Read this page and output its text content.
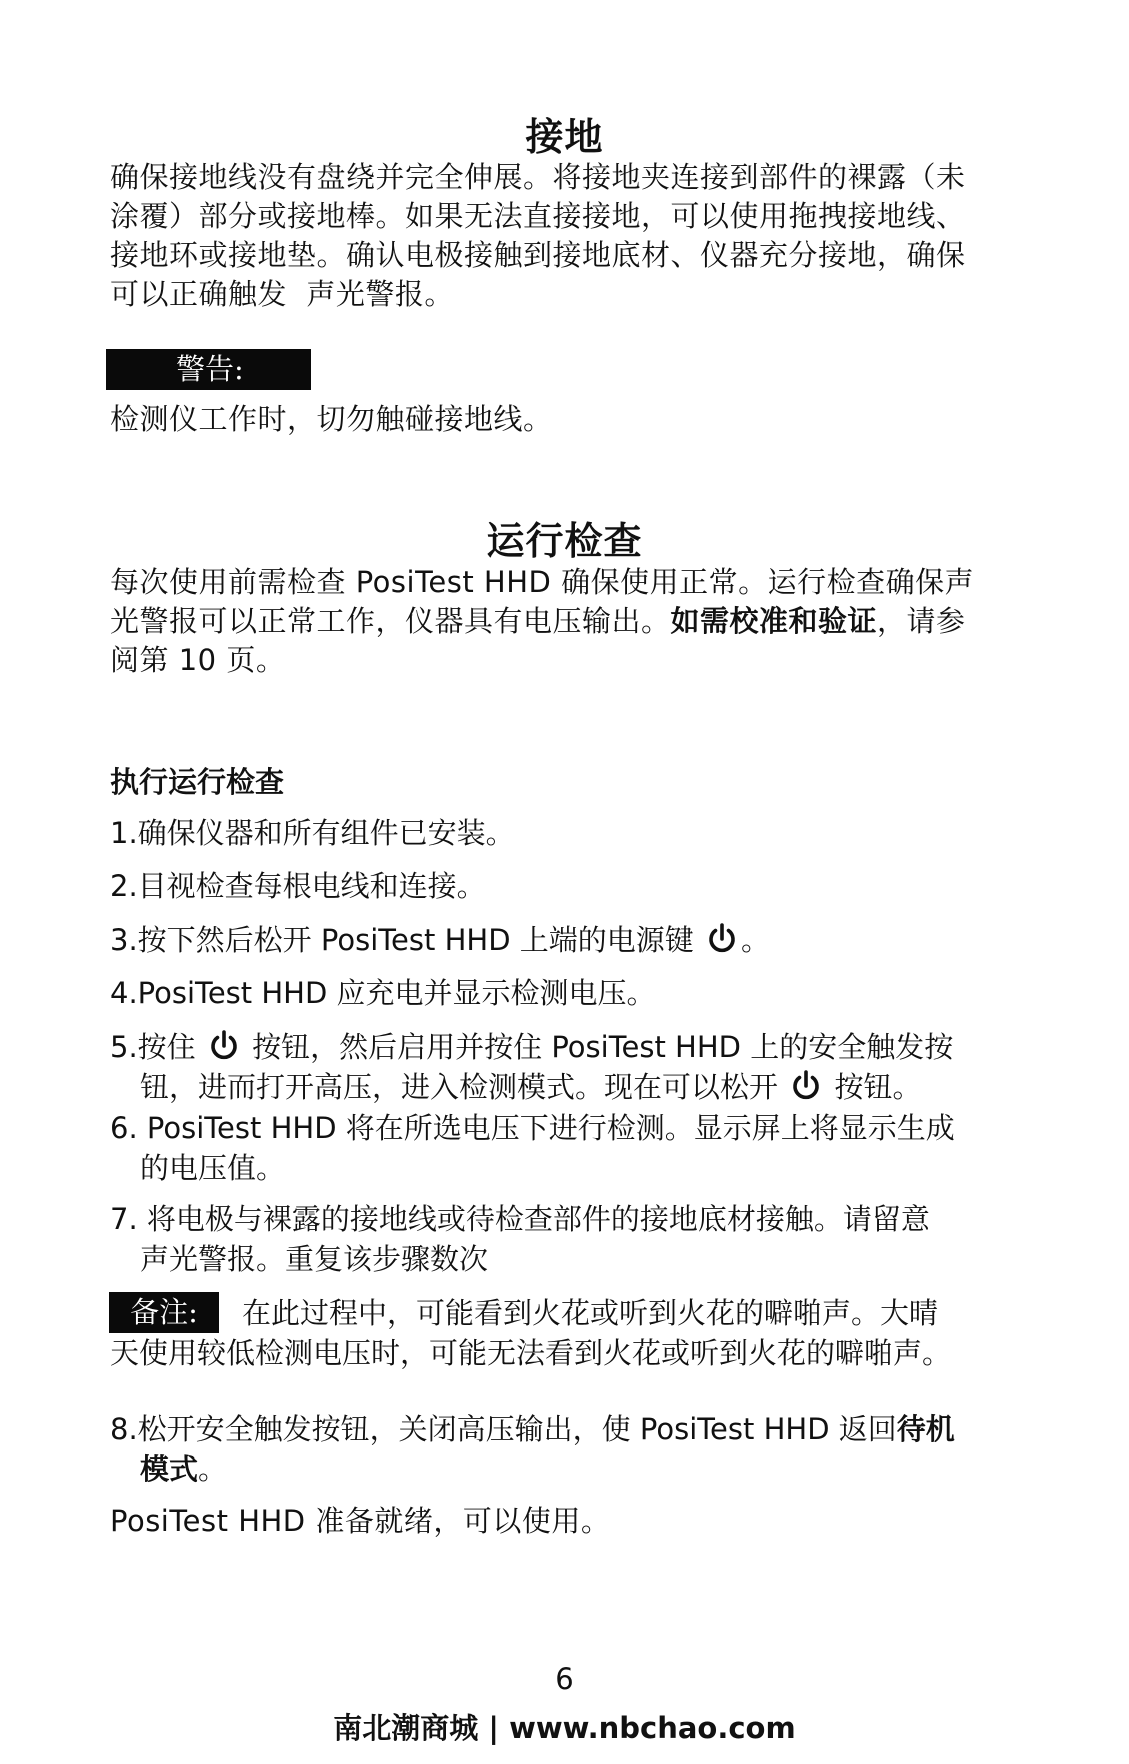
接地
确保接地线没有盘绕并完全伸展。将接地夹连接到部件的裸露（未
涂覆）部分或接地棒。如果无法直接接地，可以使用拖拽接地线、
接地环或接地垫。确认电极接触到接地底材、仪器充分接地，确保
可以正确触发  声光警报。
警告:
检测仪工作时，切勿触碰接地线。
运行检查
每次使用前需检查 PosiTest HHD 确保使用正常。运行检查确保声
光警报可以正常工作，仪器具有电压输出。如需校准和验证，请参
阅第 10 页。
执行运行检查
1.确保仪器和所有组件已安装。
2.目视检查每根电线和连接。
3.按下然后松开 PosiTest HHD 上端的电源键 。
4.PosiTest HHD 应充电并显示检测电压。
5.按住 按钮，然后启用并按住 PosiTest HHD 上的安全触发按
钮，进而打开高压，进入检测模式。现在可以松开 按钮。
6. PosiTest HHD 将在所选电压下进行检测。显示屏上将显示生成
的电压值。
7. 将电极与裸露的接地线或待检查部件的接地底材接触。请留意
声光警报。重复该步骤数次
备注:	在此过程中，可能看到火花或听到火花的噼啪声。大晴
天使用较低检测电压时，可能无法看到火花或听到火花的噼啪声。
8.松开安全触发按钮，关闭高压输出，使 PosiTest HHD 返回待机
模式。
PosiTest HHD 准备就绪，可以使用。
6
南北潮商城 | www.nbchao.com
